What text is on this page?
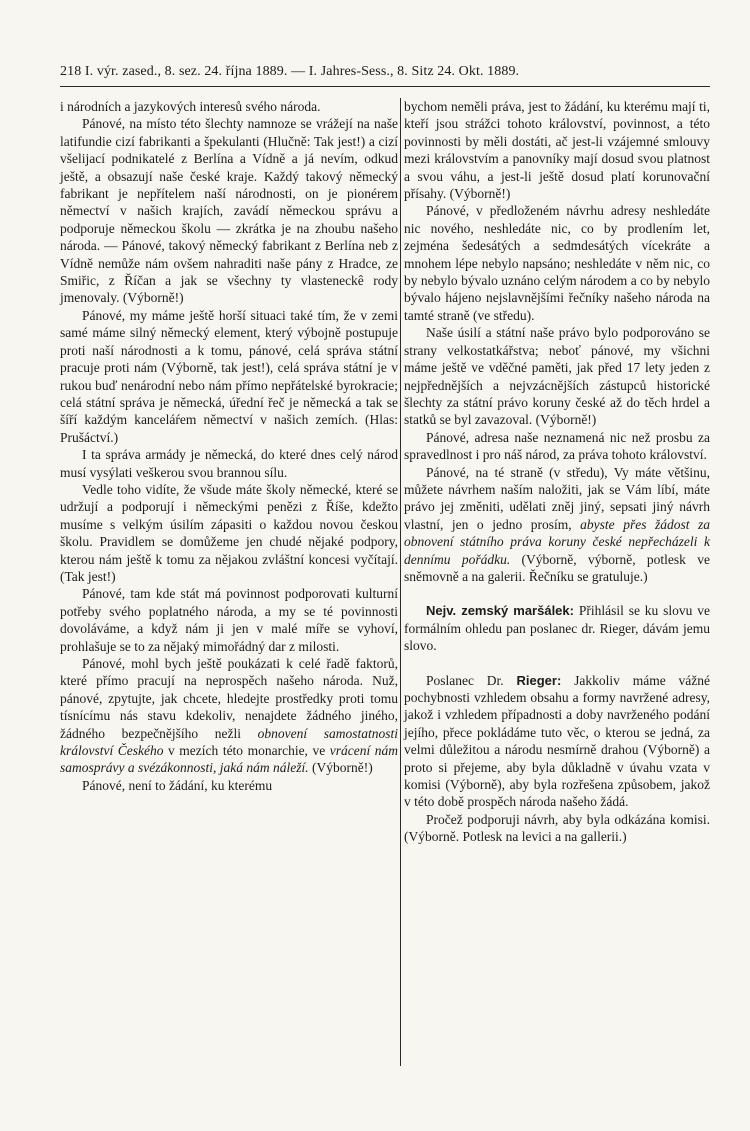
218 I. výr. zased., 8. sez. 24. října 1889. — I. Jahres-Sess., 8. Sitz 24. Okt. 1889.

i národních a jazykových interesů svého národa.

Pánové, na místo této šlechty namnoze se vrážejí na naše latifundie cizí fabrikanti a špekulanti (Hlučně: Tak jest!) a cizí všelijací podnikatelé z Berlína a Vídně a já nevím, odkud ještě, a obsazují naše české kraje. Každý takový německý fabrikant je nepřítelem naší národnosti, on je pionérem němectví v našich krajích, zavádí německou správu a podporuje německou školu — zkrátka je na zhoubu našeho národa. — Pánové, takový německý fabrikant z Berlína neb z Vídně nemůže nám ovšem nahraditi naše pány z Hradce, ze Smiřic, z Říčan a jak se všechny ty vlasteneckê rody jmenovaly. (Výborně!)

Pánové, my máme ještě horší situaci také tím, že v zemi samé máme silný německý element, který výbojně postupuje proti naší národnosti a k tomu, pánové, celá správa státní pracuje proti nám (Výborně, tak jest!), celá správa státní je v rukou buď nenárodní nebo nám přímo nepřátelské byrokracie; celá státní správa je německá, úřední řeč je německá a tak se šíří každým kanceláŕem němectví v našich zemích. (Hlas: Prušáctví.)

I ta správa armády je německá, do které dnes celý národ musí vysýlati veškerou svou brannou sílu.

Vedle toho vidíte, že všude máte školy německé, které se udržují a podporují i německými penězi z Říše, kdežto musíme s velkým úsilím zápasiti o každou novou českou školu. Pravidlem se domůžeme jen chudé nějaké podpory, kterou nám ještě k tomu za nějakou zvláštní koncesi vyčítají. (Tak jest!)

Pánové, tam kde stát má povinnost podporovati kulturní potřeby svého poplatného národa, a my se té povinnosti dovoláváme, a když nám ji jen v malé míře se vyhoví, prohlašuje se to za nějaký mimořádný dar z milosti.

Pánové, mohl bych ještě poukázati k celé řadě faktorů, které přímo pracují na neprospěch našeho národa. Nuž, pánové, zpytujte, jak chcete, hledejte prostředky proti tomu tísnícímu nás stavu kdekoliv, nenajdete žádného jiného, žádného bezpečnějšího nežli obnovení samostatnosti království Českého v mezích této monarchie, ve vrácení nám samosprávy a svézákonnosti, jaká nám náleží. (Výborně!)

Pánové, není to žádání, ku kterému

bychom neměli práva, jest to žádání, ku kterému mají ti, kteří jsou strážci tohoto království, povinnost, a této povinnosti by měli dostáti, ač jest-li vzájemné smlouvy mezi královstvím a panovníky mají dosud svou platnost a svou váhu, a jest-li ještě dosud platí korunovační přísahy. (Výborně!)

Pánové, v předloženém návrhu adresy neshledáte nic nového, neshledáte nic, co by prodlením let, zejména šedesátých a sedmdesátých vícekráte a mnohem lépe nebylo napsáno; neshledáte v něm nic, co by nebylo bývalo uznáno celým národem a co by nebylo bývalo hájeno nejslavnějšími řečníky našeho národa na tamté straně (ve středu).

Naše úsilí a státní naše právo bylo podporováno se strany velkostatkářstva; neboť pánové, my všichni máme ještě ve vděčné paměti, jak před 17 lety jeden z nejpřednějších a nejvzácnějších zástupců historické šlechty za státní právo koruny české až do těch hrdel a statků se byl zavazoval. (Výborně!)

Pánové, adresa naše neznamená nic než prosbu za spravedlnost i pro náš národ, za práva tohoto království.

Pánové, na té straně (v středu), Vy máte většinu, můžete návrhem naším naložiti, jak se Vám líbí, máte právo jej změniti, udělati zněj jiný, sepsati jiný návrh vlastní, jen o jedno prosím, abyste přes žádost za obnovení státního práva koruny české nepřecházeli k dennímu pořádku. (Výborně, výborně, potlesk ve sněmovně a na galerii. Řečníku se gratuluje.)

Nejv. zemský maršálek: Přihlásil se ku slovu ve formálním ohledu pan poslanec dr. Rieger, dávám jemu slovo.

Poslanec Dr. Rieger: Jakkoliv máme vážné pochybnosti vzhledem obsahu a formy navržené adresy, jakož i vzhledem případnosti a doby navrženého podání jejího, přece pokládáme tuto věc, o kterou se jedná, za velmi důležitou a národu nesmírně drahou (Výborně) a proto si přejeme, aby byla důkladně v úvahu vzata v komisi (Výborně), aby byla rozřešena způsobem, jakož v této době prospěch národa našeho žádá.

Pročež podporuji návrh, aby byla odkázána komisi. (Výborně. Potlesk na levici a na gallerii.)
